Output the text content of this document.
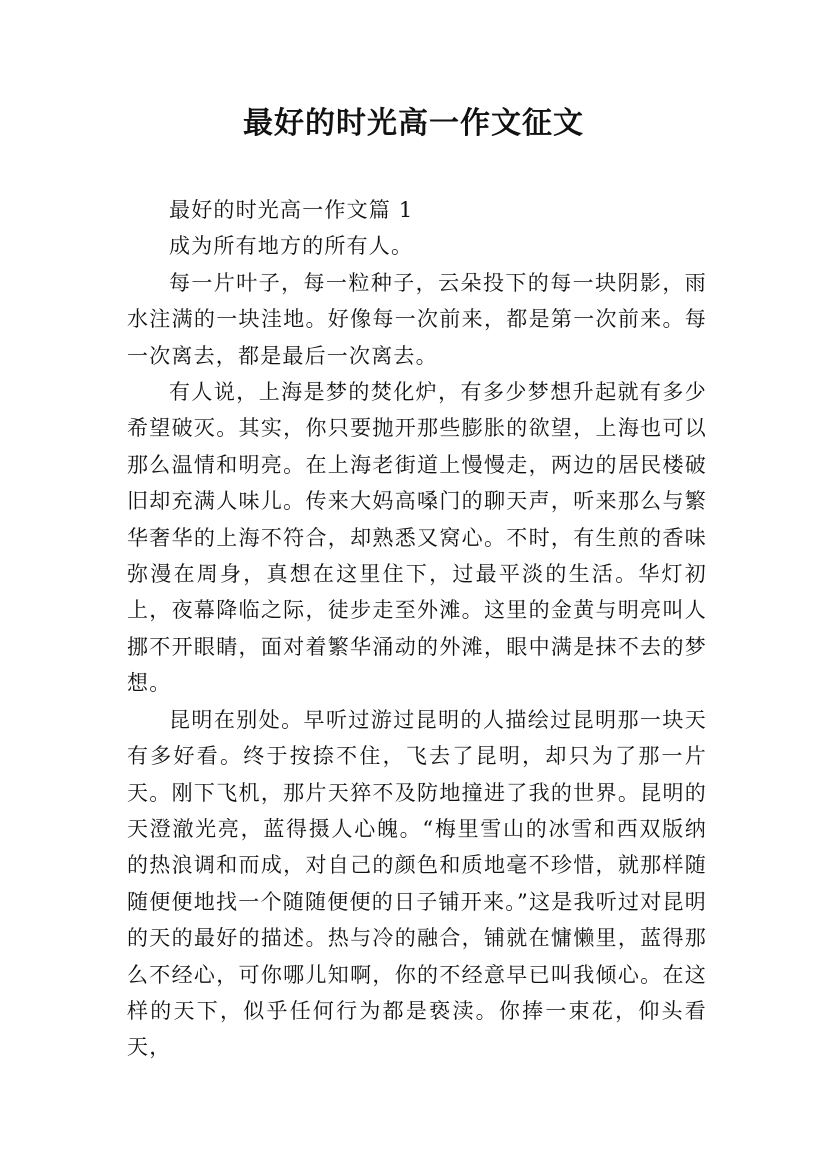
最好的时光高一作文征文

最好的时光高一作文篇 1

成为所有地方的所有人。

每一片叶子，每一粒种子，云朵投下的每一块阴影，雨水注满的一块洼地。好像每一次前来，都是第一次前来。每一次离去，都是最后一次离去。

有人说，上海是梦的焚化炉，有多少梦想升起就有多少希望破灭。其实，你只要抛开那些膨胀的欲望，上海也可以那么温情和明亮。在上海老街道上慢慢走，两边的居民楼破旧却充满人味儿。传来大妈高嗓门的聊天声，听来那么与繁华奢华的上海不符合，却熟悉又窝心。不时，有生煎的香味弥漫在周身，真想在这里住下，过最平淡的生活。华灯初上，夜幕降临之际，徒步走至外滩。这里的金黄与明亮叫人挪不开眼睛，面对着繁华涌动的外滩，眼中满是抹不去的梦想。

昆明在别处。早听过游过昆明的人描绘过昆明那一块天有多好看。终于按捺不住，飞去了昆明，却只为了那一片天。刚下飞机，那片天猝不及防地撞进了我的世界。昆明的天澄澈光亮，蓝得摄人心魄。“梅里雪山的冰雪和西双版纳的热浪调和而成，对自己的颜色和质地毫不珍惜，就那样随随便便地找一个随随便便的日子铺开来。”这是我听过对昆明的天的最好的描述。热与冷的融合，铺就在慵懒里，蓝得那么不经心，可你哪儿知啊，你的不经意早已叫我倾心。在这样的天下，似乎任何行为都是亵渎。你捧一束花，仰头看天，
